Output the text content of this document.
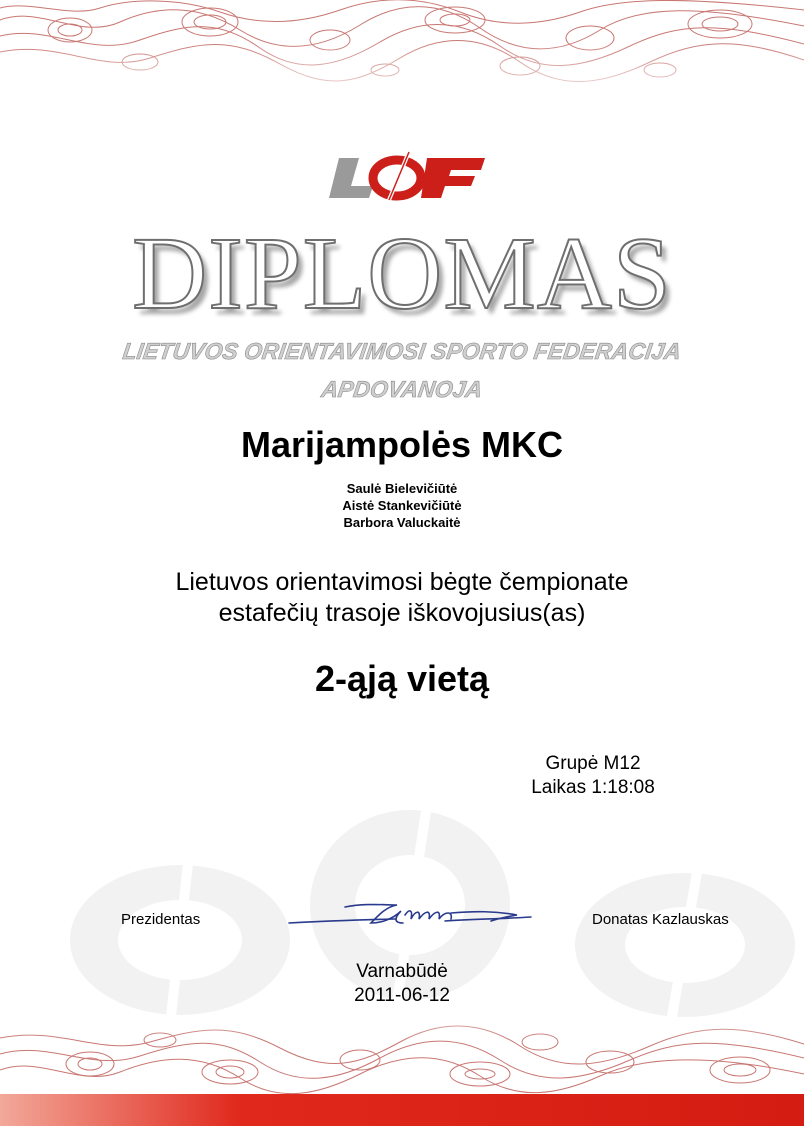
DIPLOMAS
LIETUVOS ORIENTAVIMOSI SPORTO FEDERACIJA
APDOVANOJA
Marijampolės MKC
Saulė Bielevičiūtė
Aistė Stankevičiūtė
Barbora Valuckaitė
Lietuvos orientavimosi bėgte čempionate
estafečių trasoje iškovojusius(as)
2-ąją vietą
Grupė M12
Laikas 1:18:08
Prezidentas	Donatas Kazlauskas
Varnabūdė
2011-06-12
